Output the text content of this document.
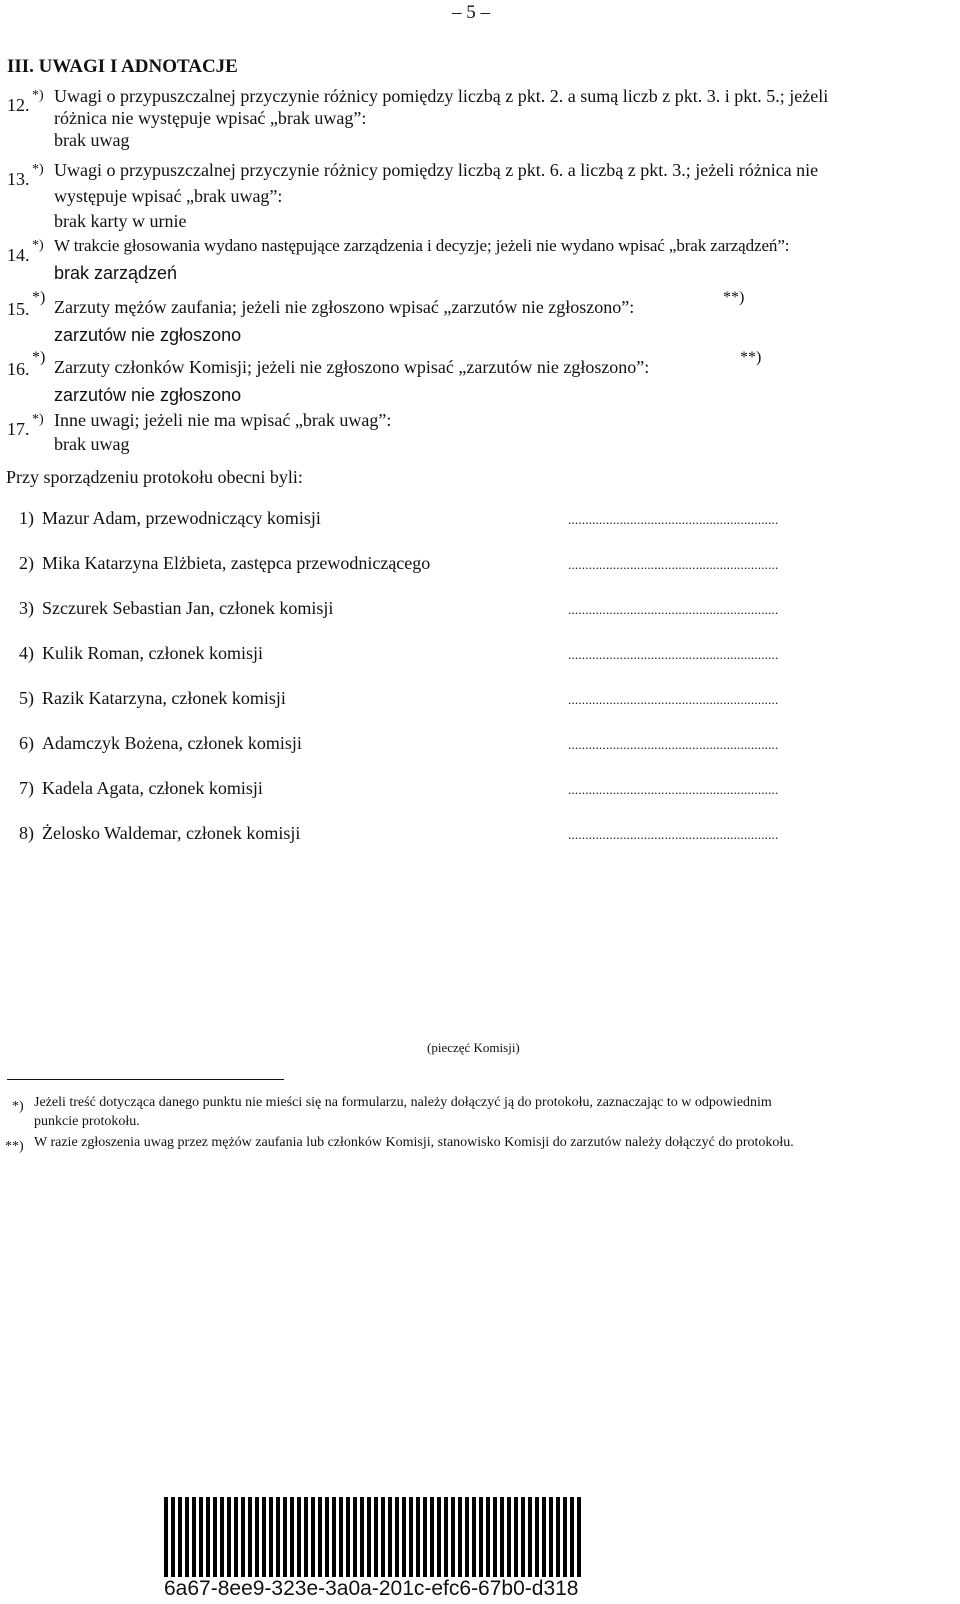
– 5 –
III. UWAGI I ADNOTACJE
12. *) Uwagi o przypuszczalnej przyczynie różnicy pomiędzy liczbą z pkt. 2. a sumą liczb z pkt. 3. i pkt. 5.; jeżeli
różnica nie występuje wpisać „brak uwag”:
brak uwag
13. *) Uwagi o przypuszczalnej przyczynie różnicy pomiędzy liczbą z pkt. 6. a liczbą z pkt. 3.; jeżeli różnica nie
występuje wpisać „brak uwag”:
brak karty w urnie
14. *) W trakcie głosowania wydano następujące zarządzenia i decyzje; jeżeli nie wydano wpisać „brak zarządzeń”:
brak zarządzeń
15.
*) Zarzuty mężów zaufania; jeżeli nie zgłoszono wpisać „zarzutów nie zgłoszono”:	**)
zarzutów nie zgłoszono
16.
*) Zarzuty członków Komisji; jeżeli nie zgłoszono wpisać „zarzutów nie zgłoszono”:	**)
zarzutów nie zgłoszono
17. *) Inne uwagi; jeżeli nie ma wpisać „brak uwag”:
brak uwag
Przy sporządzeniu protokołu obecni byli:
1) Mazur Adam, przewodniczący komisji	.............................................................
2) Mika Katarzyna Elżbieta, zastępca przewodniczącego	.............................................................
3) Szczurek Sebastian Jan, członek komisji	.............................................................
4) Kulik Roman, członek komisji	.............................................................
5) Razik Katarzyna, członek komisji	.............................................................
6) Adamczyk Bożena, członek komisji	.............................................................
7) Kadela Agata, członek komisji	.............................................................
8) Żelosko Waldemar, członek komisji	.............................................................
(pieczęć Komisji)
*) Jeżeli treść dotycząca danego punktu nie mieści się na formularzu, należy dołączyć ją do protokołu, zaznaczając to w odpowiednim
punkcie protokołu.
**) W razie zgłoszenia uwag przez mężów zaufania lub członków Komisji, stanowisko Komisji do zarzutów należy dołączyć do protokołu.
6a67-8ee9-323e-3a0a-201c-efc6-67b0-d318
